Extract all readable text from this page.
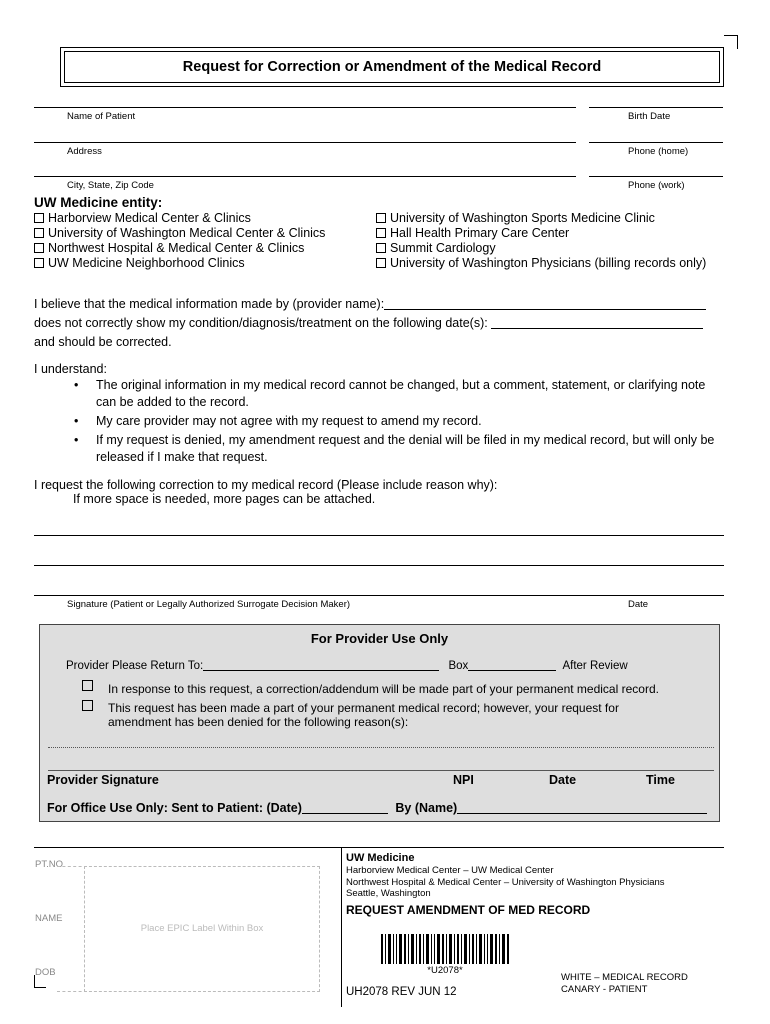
Request for Correction or Amendment of the Medical Record
Name of Patient	Birth Date
Address	Phone (home)
City, State, Zip Code	Phone (work)
UW Medicine entity:
Harborview Medical Center & Clinics
University of Washington Medical Center & Clinics
Northwest Hospital & Medical Center & Clinics
UW Medicine Neighborhood Clinics
University of Washington Sports Medicine Clinic
Hall Health Primary Care Center
Summit Cardiology
University of Washington Physicians (billing records only)
I believe that the medical information made by (provider name):
does not correctly show my condition/diagnosis/treatment on the following date(s):
and should be corrected.
I understand:
• The original information in my medical record cannot be changed, but a comment, statement, or clarifying note can be added to the record.
• My care provider may not agree with my request to amend my record.
• If my request is denied, my amendment request and the denial will be filed in my medical record, but will only be released if I make that request.
I request the following correction to my medical record (Please include reason why):
If more space is needed, more pages can be attached.
Signature (Patient or Legally Authorized Surrogate Decision Maker)	Date
For Provider Use Only
Provider Please Return To:	Box	After Review
In response to this request, a correction/addendum will be made part of your permanent medical record.
This request has been made a part of your permanent medical record; however, your request for amendment has been denied for the following reason(s):
Provider Signature	NPI	Date	Time
For Office Use Only: Sent to Patient: (Date)	By (Name)
PT.NO
NAME
DOB
Place EPIC Label Within Box
UW Medicine
Harborview Medical Center – UW Medical Center
Northwest Hospital & Medical Center – University of Washington Physicians
Seattle, Washington
REQUEST AMENDMENT OF MED RECORD
*U2078*
UH2078 REV JUN 12
WHITE – MEDICAL RECORD
CANARY - PATIENT
